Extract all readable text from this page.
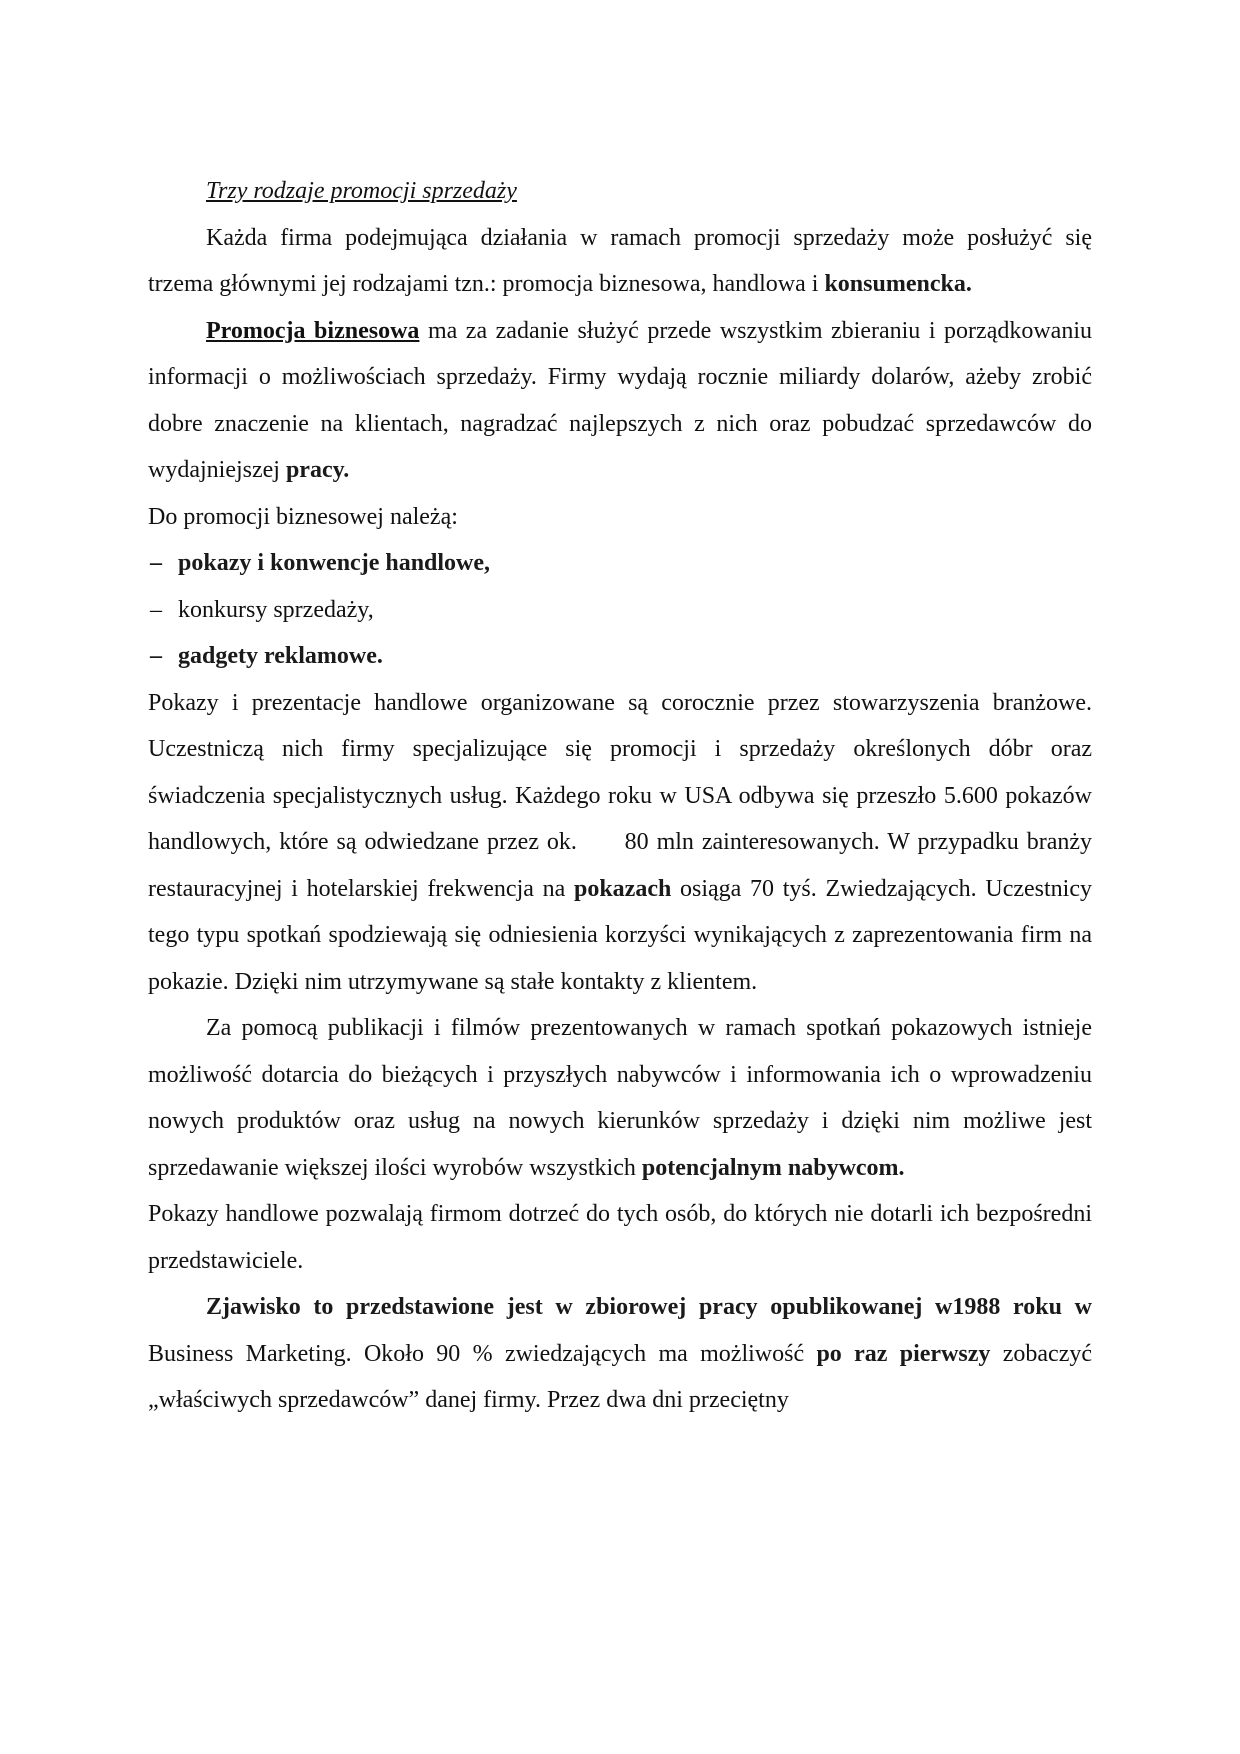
Trzy rodzaje promocji sprzedaży

Każda firma podejmująca działania w ramach promocji sprzedaży może posłużyć się trzema głównymi jej rodzajami tzn.: promocja biznesowa, handlowa i konsumencka.

Promocja biznesowa ma za zadanie służyć przede wszystkim zbieraniu i porządkowaniu informacji o możliwościach sprzedaży. Firmy wydają rocznie miliardy dolarów, ażeby zrobić dobre znaczenie na klientach, nagradzać najlepszych z nich oraz pobudzać sprzedawców do wydajniejszej pracy.

Do promocji biznesowej należą:

– pokazy i konwencje handlowe,
– konkursy sprzedaży,
– gadgety reklamowe.

Pokazy i prezentacje handlowe organizowane są corocznie przez stowarzyszenia branżowe. Uczestniczą nich firmy specjalizujące się promocji i sprzedaży określonych dóbr oraz świadczenia specjalistycznych usług. Każdego roku w USA odbywa się przeszło 5.600 pokazów handlowych, które są odwiedzane przez ok.      80 mln zainteresowanych. W przypadku branży restauracyjnej i hotelarskiej frekwencja na pokazach osiąga 70 tyś. Zwiedzających. Uczestnicy tego typu spotkań spodziewają się odniesienia korzyści wynikających z zaprezentowania firm na pokazie. Dzięki nim utrzymywane są stałe kontakty z klientem.

Za pomocą publikacji i filmów prezentowanych w ramach spotkań pokazowych istnieje możliwość dotarcia do bieżących i przyszłych nabywców i informowania ich o wprowadzeniu nowych produktów oraz usług na nowych kierunków sprzedaży i dzięki nim możliwe jest sprzedawanie większej ilości wyrobów wszystkich potencjalnym nabywcom.

Pokazy handlowe pozwalają firmom dotrzeć do tych osób, do których nie dotarli ich bezpośredni przedstawiciele.

Zjawisko to przedstawione jest w zbiorowej pracy opublikowanej w1988 roku w Business Marketing. Około 90 % zwiedzających ma możliwość po raz pierwszy zobaczyć „właściwych sprzedawców” danej firmy. Przez dwa dni przeciętny
